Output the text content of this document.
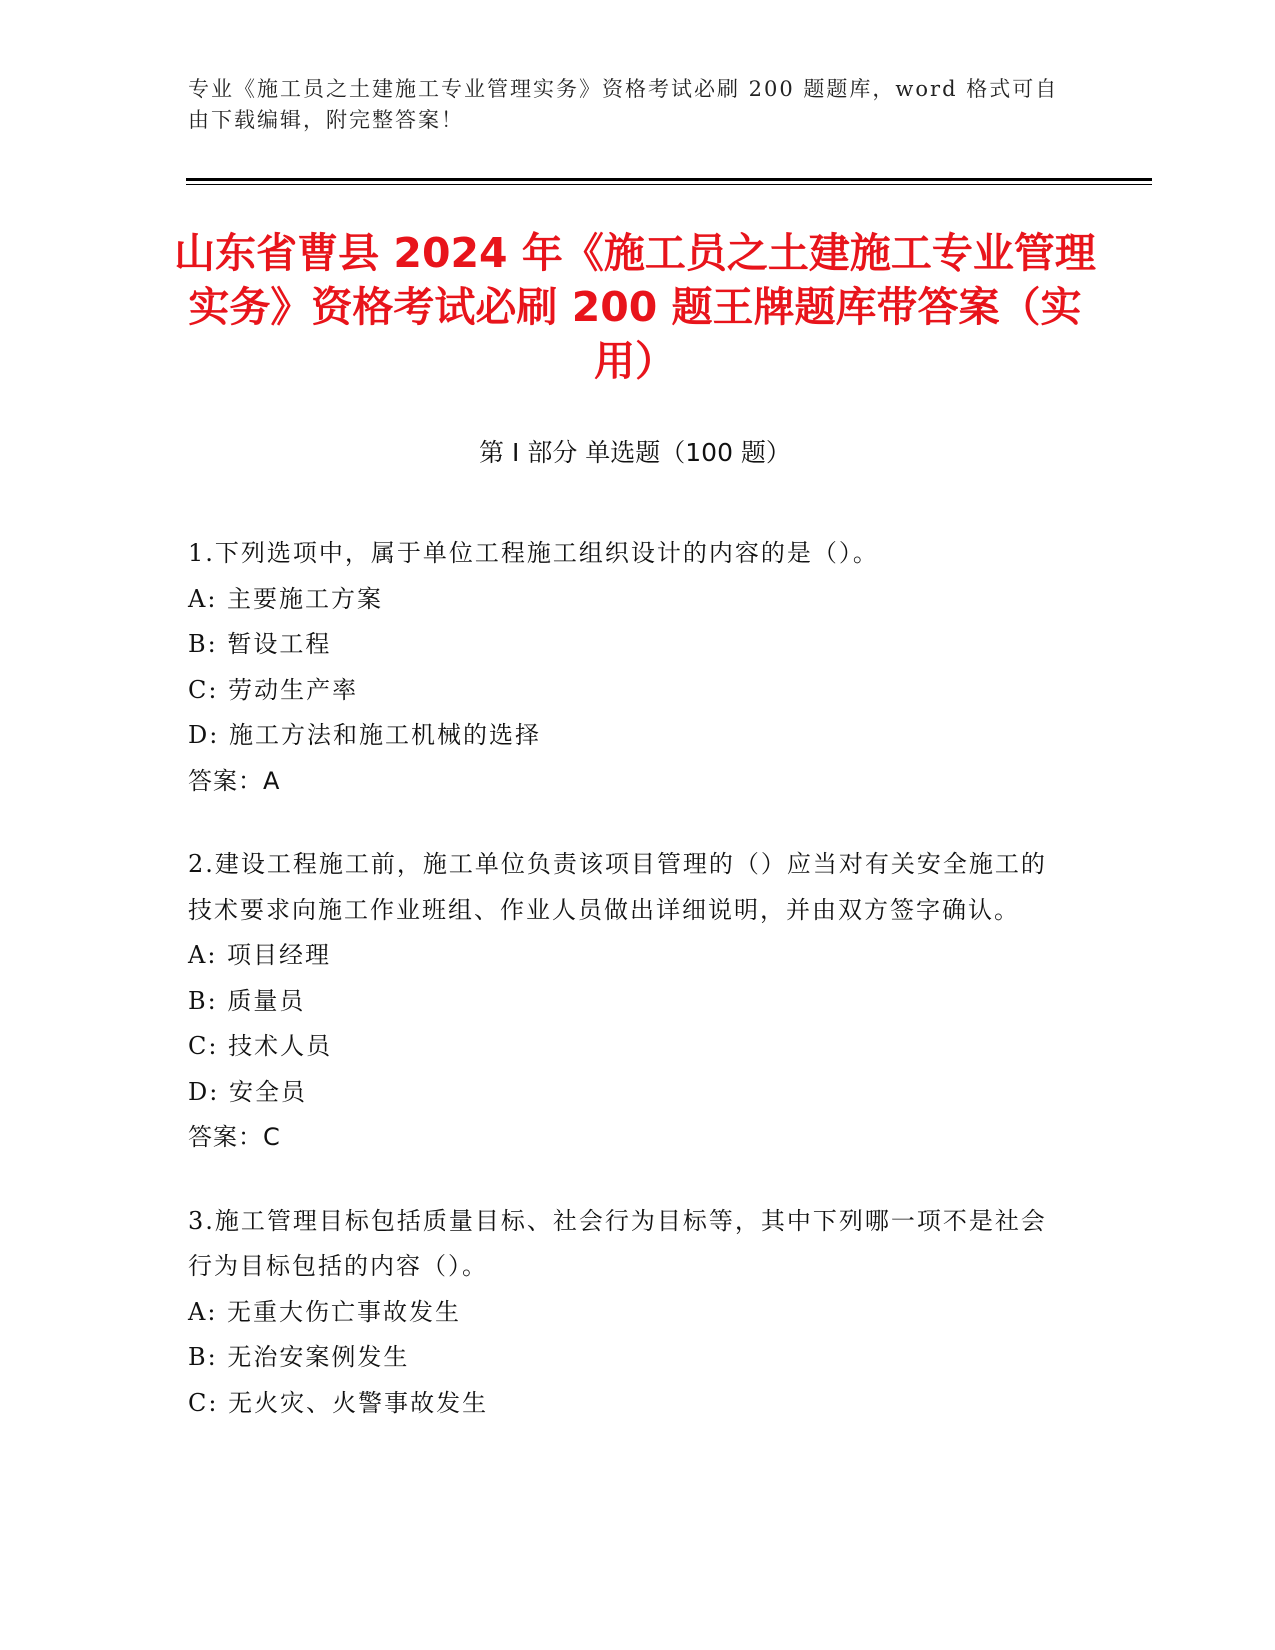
专业《施工员之土建施工专业管理实务》资格考试必刷 200 题题库，word 格式可自由下载编辑，附完整答案！
山东省曹县 2024 年《施工员之土建施工专业管理实务》资格考试必刷 200 题王牌题库带答案（实用）
第 I 部分 单选题（100 题）
1.下列选项中，属于单位工程施工组织设计的内容的是（）。
A: 主要施工方案
B: 暂设工程
C: 劳动生产率
D: 施工方法和施工机械的选择
答案：A
2.建设工程施工前，施工单位负责该项目管理的（）应当对有关安全施工的技术要求向施工作业班组、作业人员做出详细说明，并由双方签字确认。
A: 项目经理
B: 质量员
C: 技术人员
D: 安全员
答案：C
3.施工管理目标包括质量目标、社会行为目标等，其中下列哪一项不是社会行为目标包括的内容（）。
A: 无重大伤亡事故发生
B: 无治安案例发生
C: 无火灾、火警事故发生
